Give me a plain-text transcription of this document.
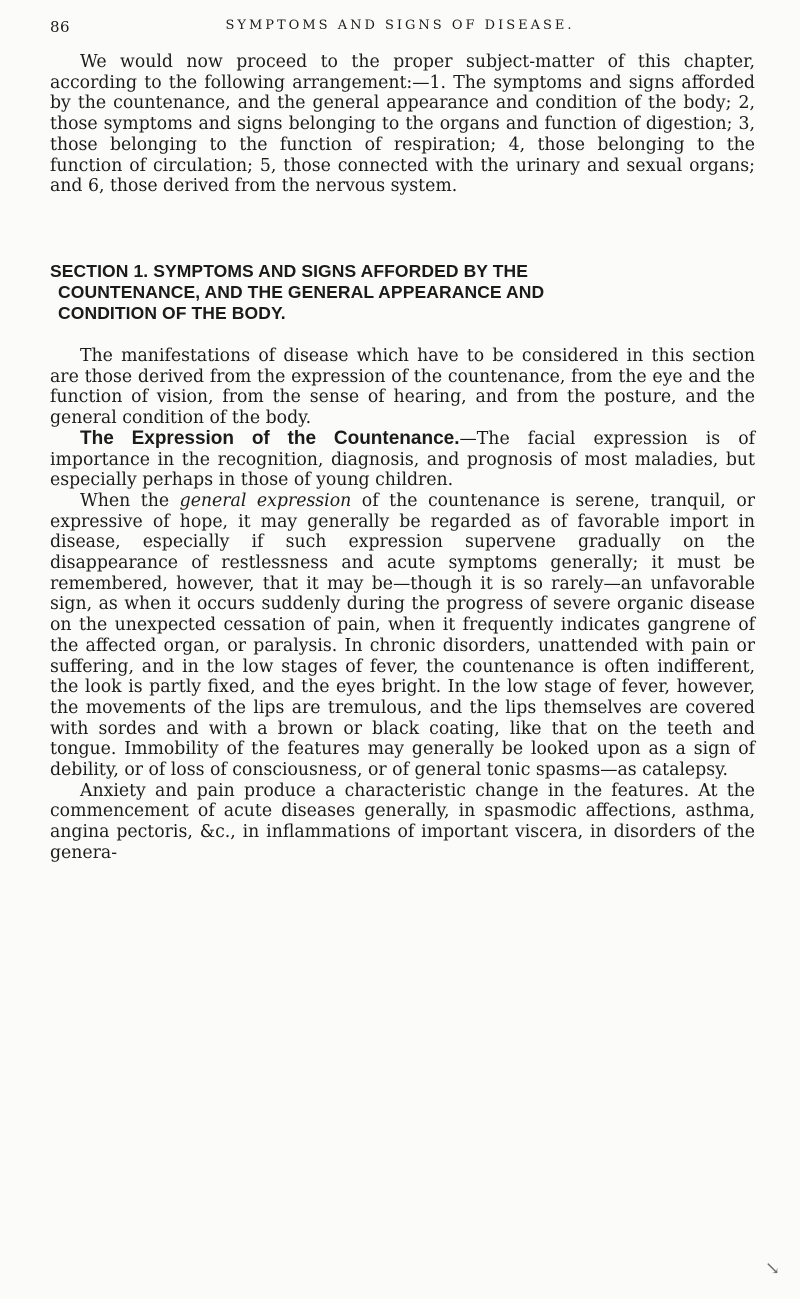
86	SYMPTOMS AND SIGNS OF DISEASE.

We would now proceed to the proper subject-matter of this chapter, according to the following arrangement:—1. The symptoms and signs afforded by the countenance, and the general appearance and condition of the body; 2, those symptoms and signs belonging to the organs and function of digestion; 3, those belonging to the function of respiration; 4, those belonging to the function of circulation; 5, those connected with the urinary and sexual organs; and 6, those derived from the nervous system.

SECTION 1. SYMPTOMS AND SIGNS AFFORDED BY THE
COUNTENANCE, AND THE GENERAL APPEARANCE AND
CONDITION OF THE BODY.

The manifestations of disease which have to be considered in this section are those derived from the expression of the countenance, from the eye and the function of vision, from the sense of hearing, and from the posture, and the general condition of the body.

The Expression of the Countenance.—The facial expression is of importance in the recognition, diagnosis, and prognosis of most maladies, but especially perhaps in those of young children.

When the general expression of the countenance is serene, tranquil, or expressive of hope, it may generally be regarded as of favorable import in disease, especially if such expression supervene gradually on the disappearance of restlessness and acute symptoms generally; it must be remembered, however, that it may be—though it is so rarely—an unfavorable sign, as when it occurs suddenly during the progress of severe organic disease on the unexpected cessation of pain, when it frequently indicates gangrene of the affected organ, or paralysis. In chronic disorders, unattended with pain or suffering, and in the low stages of fever, the countenance is often indifferent, the look is partly fixed, and the eyes bright. In the low stage of fever, however, the movements of the lips are tremulous, and the lips themselves are covered with sordes and with a brown or black coating, like that on the teeth and tongue. Immobility of the features may generally be looked upon as a sign of debility, or of loss of consciousness, or of general tonic spasms—as catalepsy.

Anxiety and pain produce a characteristic change in the features. At the commencement of acute diseases generally, in spasmodic affections, asthma, angina pectoris, &c., in inflammations of important viscera, in disorders of the genera-

↘
